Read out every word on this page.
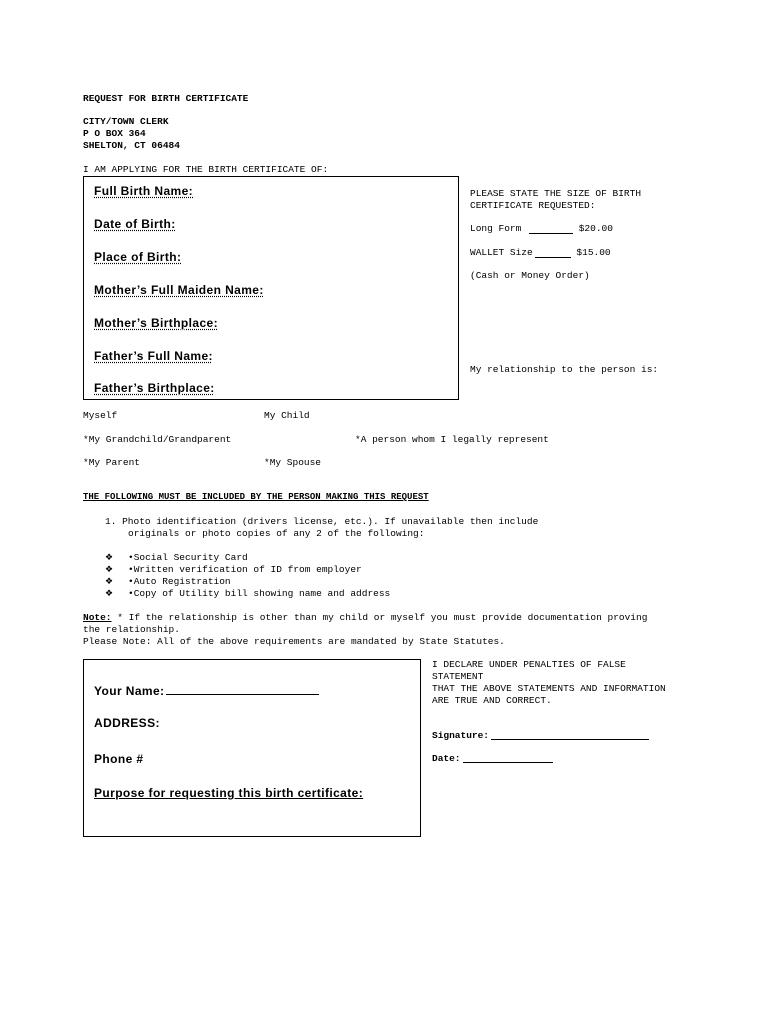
REQUEST FOR BIRTH CERTIFICATE
CITY/TOWN CLERK
P O BOX 364
SHELTON, CT 06484
I AM APPLYING FOR THE BIRTH CERTIFICATE OF:
Full Birth Name:
Date of Birth:
Place of Birth:
Mother’s Full Maiden Name:
Mother’s Birthplace:
Father’s Full Name:
Father’s Birthplace:
PLEASE STATE THE SIZE OF BIRTH
CERTIFICATE REQUESTED:
Long Form	$20.00
WALLET Size	$15.00
(Cash or Money Order)
My relationship to the person is:
Myself	My Child
*My Grandchild/Grandparent	*A person whom I legally represent
*My Parent	*My Spouse
THE FOLLOWING MUST BE INCLUDED BY THE PERSON MAKING THIS REQUEST
1. Photo identification (drivers license, etc.). If unavailable then include
originals or photo copies of any 2 of the following:
❖ •Social Security Card
❖ •Written verification of ID from employer
❖ •Auto Registration
❖ •Copy of Utility bill showing name and address
Note: * If the relationship is other than my child or myself you must provide documentation proving
the relationship.
Please Note: All of the above requirements are mandated by State Statutes.
Your Name:
ADDRESS:
Phone #
Purpose for requesting this birth certificate:
I DECLARE UNDER PENALTIES OF FALSE
STATEMENT
THAT THE ABOVE STATEMENTS AND INFORMATION
ARE TRUE AND CORRECT.
Signature:
Date:
